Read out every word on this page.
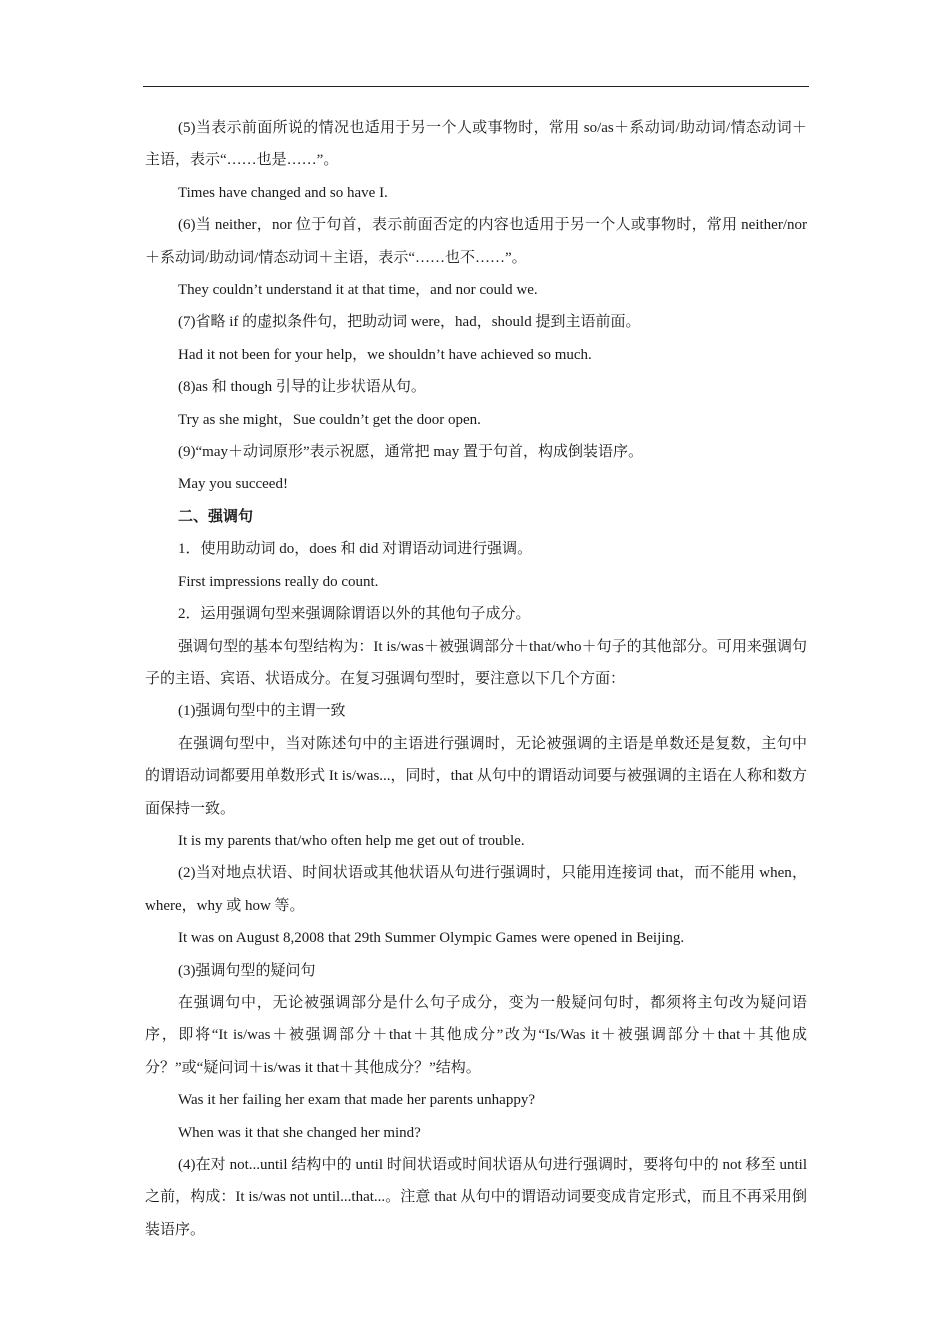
(5)当表示前面所说的情况也适用于另一个人或事物时，常用 so/as＋系动词/助动词/情态动词＋主语，表示“……也是……”。

Times have changed and so have I.

(6)当 neither，nor 位于句首，表示前面否定的内容也适用于另一个人或事物时，常用 neither/nor＋系动词/助动词/情态动词＋主语，表示“……也不……”。

They couldn’t understand it at that time，and nor could we.

(7)省略 if 的虚拟条件句，把助动词 were，had，should 提到主语前面。

Had it not been for your help，we shouldn’t have achieved so much.

(8)as 和 though 引导的让步状语从句。

Try as she might，Sue couldn’t get the door open.

(9)“may＋动词原形”表示祝愿，通常把 may 置于句首，构成倒装语序。

May you succeed!

二、强调句

1．使用助动词 do，does 和 did 对谓语动词进行强调。

First impressions really do count.

2．运用强调句型来强调除谓语以外的其他句子成分。

强调句型的基本句型结构为：It is/was＋被强调部分＋that/who＋句子的其他部分。可用来强调句子的主语、宾语、状语成分。在复习强调句型时，要注意以下几个方面：

(1)强调句型中的主谓一致

在强调句型中，当对陈述句中的主语进行强调时，无论被强调的主语是单数还是复数，主句中的谓语动词都要用单数形式 It is/was...，同时，that 从句中的谓语动词要与被强调的主语在人称和数方面保持一致。

It is my parents that/who often help me get out of trouble.

(2)当对地点状语、时间状语或其他状语从句进行强调时，只能用连接词 that，而不能用 when，where，why 或 how 等。

It was on August 8,2008 that 29th Summer Olympic Games were opened in Beijing.

(3)强调句型的疑问句

在强调句中，无论被强调部分是什么句子成分，变为一般疑问句时，都须将主句改为疑问语序，即将“It is/was＋被强调部分＋that＋其他成分”改为“Is/Was it＋被强调部分＋that＋其他成分？”或“疑问词＋is/was it that＋其他成分？”结构。

Was it her failing her exam that made her parents unhappy?

When was it that she changed her mind?

(4)在对 not...until 结构中的 until 时间状语或时间状语从句进行强调时，要将句中的 not 移至 until 之前，构成：It is/was not until...that...。注意 that 从句中的谓语动词要变成肯定形式，而且不再采用倒装语序。
